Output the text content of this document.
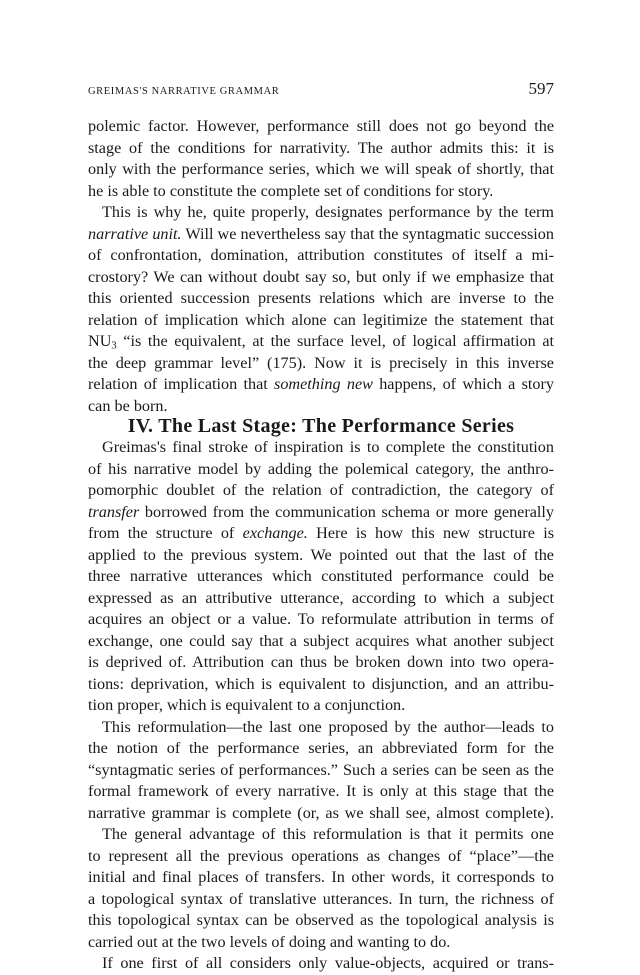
GREIMAS'S NARRATIVE GRAMMAR	597
polemic factor. However, performance still does not go beyond the
stage of the conditions for narrativity. The author admits this: it is
only with the performance series, which we will speak of shortly, that
he is able to constitute the complete set of conditions for story.
This is why he, quite properly, designates performance by the term
narrative unit. Will we nevertheless say that the syntagmatic succession
of confrontation, domination, attribution constitutes of itself a mi-
crostory? We can without doubt say so, but only if we emphasize that
this oriented succession presents relations which are inverse to the
relation of implication which alone can legitimize the statement that
$NU_3$ “is the equivalent, at the surface level, of logical affirmation at
the deep grammar level” (175). Now it is precisely in this inverse
relation of implication that something new happens, of which a story
can be born.
IV. The Last Stage: The Performance Series
Greimas's final stroke of inspiration is to complete the constitution
of his narrative model by adding the polemical category, the anthro-
pomorphic doublet of the relation of contradiction, the category of
transfer borrowed from the communication schema or more generally
from the structure of exchange. Here is how this new structure is
applied to the previous system. We pointed out that the last of the
three narrative utterances which constituted performance could be
expressed as an attributive utterance, according to which a subject
acquires an object or a value. To reformulate attribution in terms of
exchange, one could say that a subject acquires what another subject
is deprived of. Attribution can thus be broken down into two opera-
tions: deprivation, which is equivalent to disjunction, and an attribu-
tion proper, which is equivalent to a conjunction.
This reformulation—the last one proposed by the author—leads to
the notion of the performance series, an abbreviated form for the
“syntagmatic series of performances.” Such a series can be seen as the
formal framework of every narrative. It is only at this stage that the
narrative grammar is complete (or, as we shall see, almost complete).
The general advantage of this reformulation is that it permits one
to represent all the previous operations as changes of “place”—the
initial and final places of transfers. In other words, it corresponds to
a topological syntax of translative utterances. In turn, the richness of
this topological syntax can be observed as the topological analysis is
carried out at the two levels of doing and wanting to do.
If one first of all considers only value-objects, acquired or trans-
